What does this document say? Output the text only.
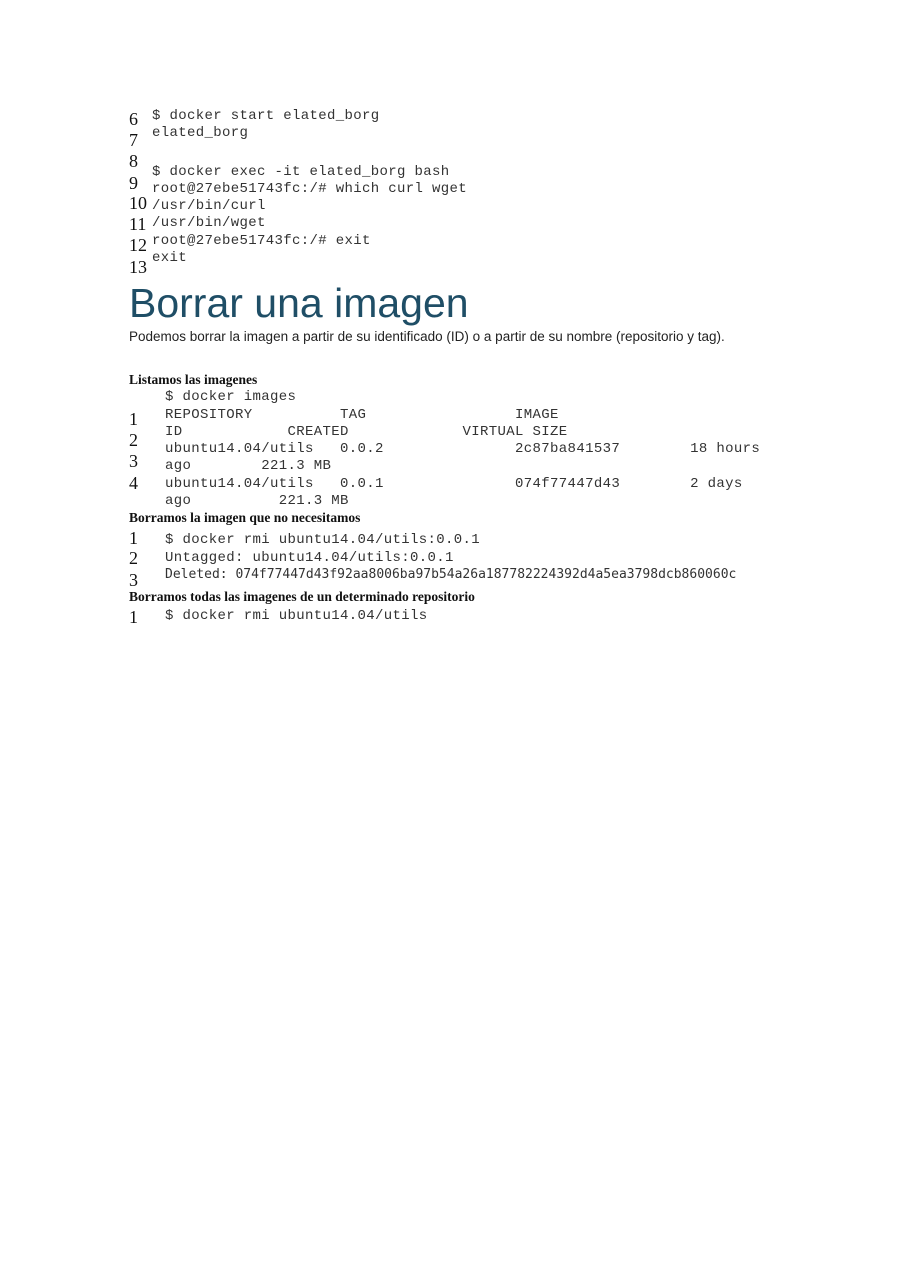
6
7
8
9
10
11
12
13
$ docker start elated_borg
elated_borg
$ docker exec -it elated_borg bash
root@27ebe51743fc:/# which curl wget
/usr/bin/curl
/usr/bin/wget
root@27ebe51743fc:/# exit
exit
Borrar una imagen

Podemos borrar la imagen a partir de su identificado (ID) o a partir de su nombre (repositorio y tag).

Listamos las imagenes
1
2
3
4
$ docker images
REPOSITORY          TAG                 IMAGE
ID            CREATED             VIRTUAL SIZE
ubuntu14.04/utils   0.0.2               2c87ba841537        18 hours
ago        221.3 MB
ubuntu14.04/utils   0.0.1               074f77447d43        2 days
ago          221.3 MB
Borramos la imagen que no necesitamos
1
2
3
$ docker rmi ubuntu14.04/utils:0.0.1
Untagged: ubuntu14.04/utils:0.0.1
Deleted: 074f77447d43f92aa8006ba97b54a26a187782224392d4a5ea3798dcb860060c
Borramos todas las imagenes de un determinado repositorio
1 $ docker rmi ubuntu14.04/utils
